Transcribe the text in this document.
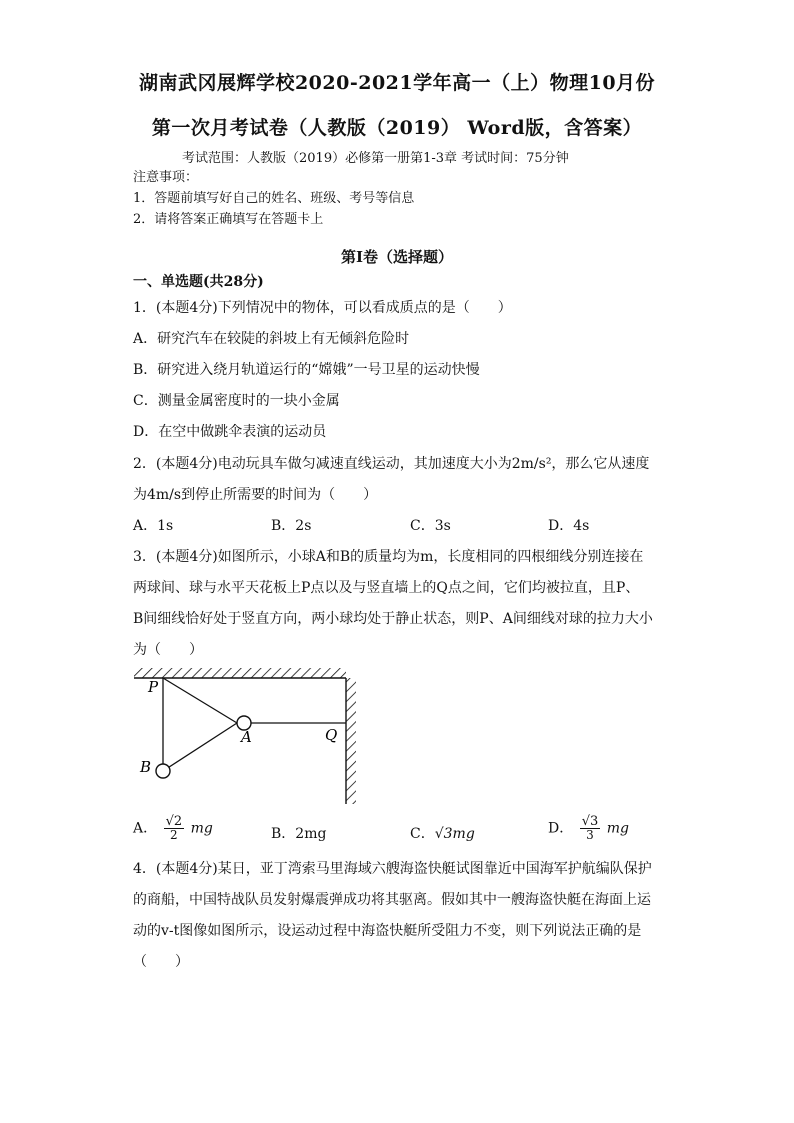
湖南武冈展辉学校2020-2021学年高一（上）物理10月份
第一次月考试卷（人教版（2019） Word版，含答案）
考试范围：人教版（2019）必修第一册第1-3章 考试时间：75分钟
注意事项：
1．答题前填写好自己的姓名、班级、考号等信息
2．请将答案正确填写在答题卡上
第I卷（选择题）
一、单选题(共28分)
1．(本题4分)下列情况中的物体，可以看成质点的是（　　）
A．研究汽车在较陡的斜坡上有无倾斜危险时
B．研究进入绕月轨道运行的“嫦娥”一号卫星的运动快慢
C．测量金属密度时的一块小金属
D．在空中做跳伞表演的运动员
2．(本题4分)电动玩具车做匀减速直线运动，其加速度大小为2m/s²，那么它从速度
为4m/s到停止所需要的时间为（　　）
A．1s	B．2s	C．3s	D．4s
3．(本题4分)如图所示，小球A和B的质量均为m，长度相同的四根细线分别连接在
两球间、球与水平天花板上P点以及与竖直墙上的Q点之间，它们均被拉直，且P、
B间细线恰好处于竖直方向，两小球均处于静止状态，则P、A间细线对球的拉力大小
为（　　）
P
A
B
Q
A． $\frac{√2}{2}$ mg	B．2mg	C．√3mg	D． $\frac{√3}{3}$ mg
4．(本题4分)某日，亚丁湾索马里海域六艘海盗快艇试图靠近中国海军护航编队保护
的商船，中国特战队员发射爆震弹成功将其驱离。假如其中一艘海盗快艇在海面上运
动的v-t图像如图所示，设运动过程中海盗快艇所受阻力不变，则下列说法正确的是
（　　）
